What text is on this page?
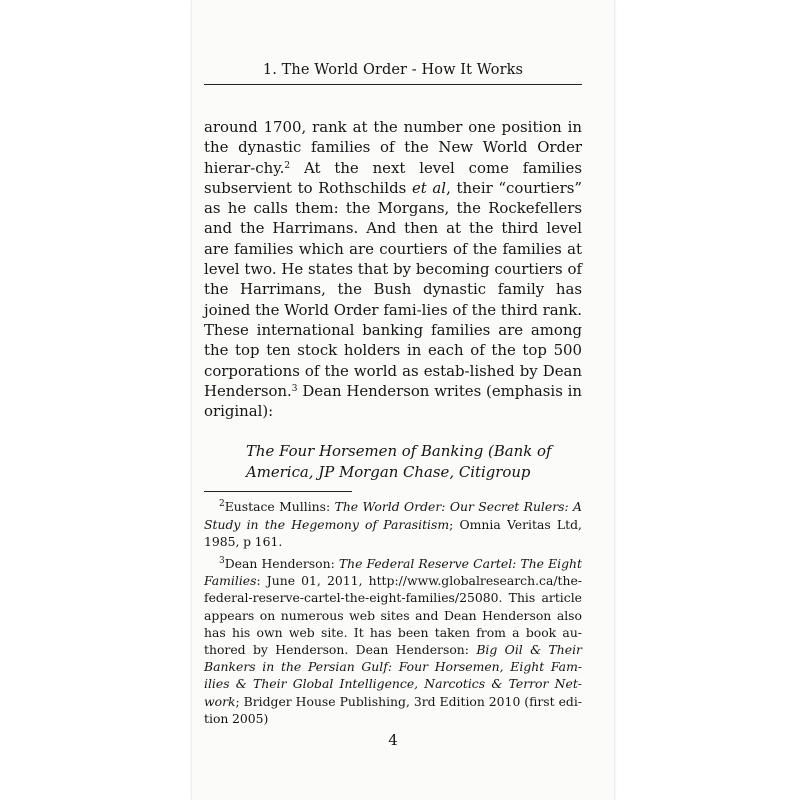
1. The World Order - How It Works
around 1700, rank at the number one position in the dynastic families of the New World Order hierar-chy.$^2$ At the next level come families subservient to Rothschilds et al, their “courtiers” as he calls them: the Morgans, the Rockefellers and the Harrimans. And then at the third level are families which are courtiers of the families at level two. He states that by becoming courtiers of the Harrimans, the Bush dynastic family has joined the World Order fami-lies of the third rank. These international banking families are among the top ten stock holders in each of the top 500 corporations of the world as estab-lished by Dean Henderson.$^3$ Dean Henderson writes (emphasis in original):
The Four Horsemen of Banking (Bank of America, JP Morgan Chase, Citigroup

$^2$Eustace Mullins: The World Order: Our Secret Rulers: A Study in the Hegemony of Parasitism; Omnia Veritas Ltd, 1985, p 161.

$^3$Dean Henderson: The Federal Reserve Cartel: The Eight Families: June 01, 2011, http://www.globalresearch.ca/the-federal-reserve-cartel-the-eight-families/25080. This article appears on numerous web sites and Dean Henderson also has his own web site. It has been taken from a book au-thored by Henderson. Dean Henderson: Big Oil & Their Bankers in the Persian Gulf: Four Horsemen, Eight Fam-ilies & Their Global Intelligence, Narcotics & Terror Net-work; Bridger House Publishing, 3rd Edition 2010 (first edi-tion 2005)

4
